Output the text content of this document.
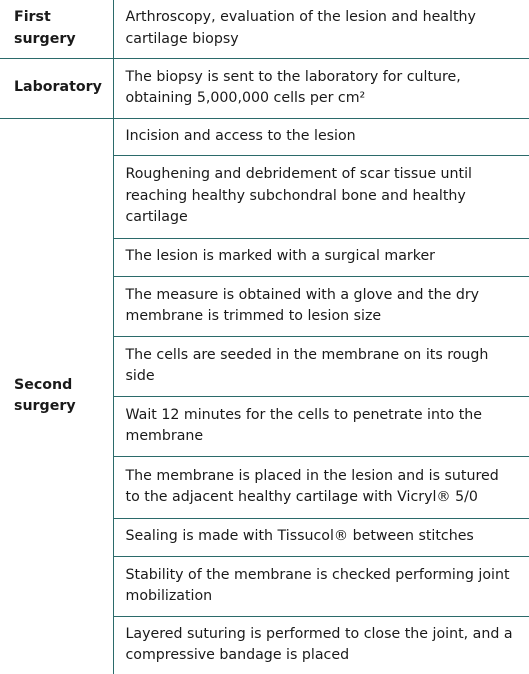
First surgery	Arthroscopy, evaluation of the lesion and healthy cartilage biopsy
Laboratory	The biopsy is sent to the laboratory for culture, obtaining 5,000,000 cells per cm²
Second surgery	Incision and access to the lesion
	Roughening and debridement of scar tissue until reaching healthy subchondral bone and healthy cartilage
	The lesion is marked with a surgical marker
	The measure is obtained with a glove and the dry membrane is trimmed to lesion size
	The cells are seeded in the membrane on its rough side
	Wait 12 minutes for the cells to penetrate into the membrane
	The membrane is placed in the lesion and is sutured to the adjacent healthy cartilage with Vicryl® 5/0
	Sealing is made with Tissucol® between stitches
	Stability of the membrane is checked performing joint mobilization
	Layered suturing is performed to close the joint, and a compressive bandage is placed
